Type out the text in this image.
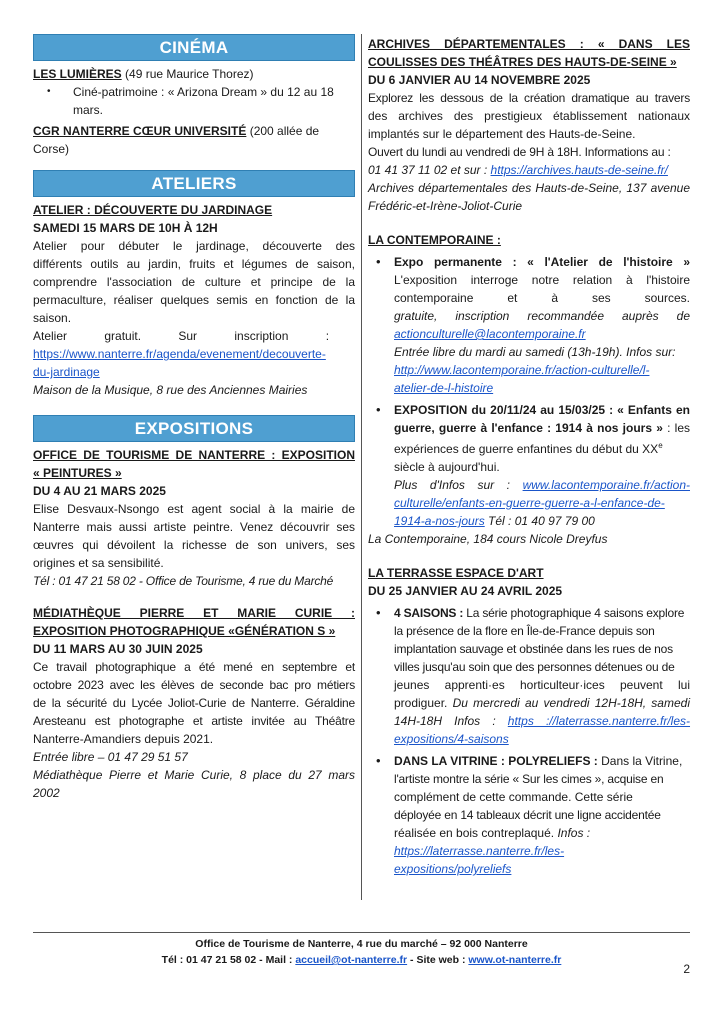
CINÉMA

LES LUMIÈRES (49 rue Maurice Thorez)

• Ciné-patrimoine : « Arizona Dream » du 12 au 18
mars.

CGR NANTERRE CŒUR UNIVERSITÉ (200 allée de Corse)

ATELIERS

ATELIER : DÉCOUVERTE DU JARDINAGE

SAMEDI 15 MARS DE 10H À 12H

Atelier pour débuter le jardinage, découverte des
différents outils au jardin, fruits et légumes de saison,
comprendre l'association de culture et principe de la
permaculture, réaliser quelques semis en fonction de la
saison.
Atelier gratuit. Sur inscription :
https://www.nanterre.fr/agenda/evenement/decouverte-
du-jardinage

Maison de la Musique, 8 rue des Anciennes Mairies

EXPOSITIONS

OFFICE DE TOURISME DE NANTERRE : EXPOSITION
« PEINTURES »

DU 4 AU 21 MARS 2025

Elise Desvaux-Nsongo est agent social à la mairie de
Nanterre mais aussi artiste peintre. Venez découvrir ses
œuvres qui dévoilent la richesse de son univers, ses
origines et sa sensibilité.

Tél : 01 47 21 58 02 - Office de Tourisme, 4 rue du Marché

MÉDIATHÈQUE PIERRE ET MARIE CURIE :
EXPOSITION PHOTOGRAPHIQUE «GÉNÉRATION S »

DU 11 MARS AU 30 JUIN 2025

Ce travail photographique a été mené en septembre et
octobre 2023 avec les élèves de seconde bac pro métiers
de la sécurité du Lycée Joliot-Curie de Nanterre. Géraldine
Aresteanu est photographe et artiste invitée au Théâtre
Nanterre-Amandiers depuis 2021.

Entrée libre – 01 47 29 51 57

Médiathèque Pierre et Marie Curie, 8 place du 27 mars
2002

ARCHIVES DÉPARTEMENTALES : « DANS LES
COULISSES DES THÉÂTRES DES HAUTS-DE-SEINE »

DU 6 JANVIER AU 14 NOVEMBRE 2025

Explorez les dessous de la création dramatique au travers
des archives des prestigieux établissement nationaux
implantés sur le département des Hauts-de-Seine.
Ouvert du lundi au vendredi de 9H à 18H. Informations au :
01 41 37 11 02 et sur : https://archives.hauts-de-seine.fr/

Archives départementales des Hauts-de-Seine, 137 avenue
Frédéric-et-Irène-Joliot-Curie

LA CONTEMPORAINE :

• Expo permanente : « l'Atelier de l'histoire »
L'exposition interroge notre relation à l'histoire
contemporaine et à ses sources.
gratuite, inscription recommandée auprès de
actionculturelle@lacontemporaine.fr
Entrée libre du mardi au samedi (13h-19h). Infos sur:
http://www.lacontemporaine.fr/action-culturelle/l-
atelier-de-l-histoire
• EXPOSITION du 20/11/24 au 15/03/25 : « Enfants en
guerre, guerre à l'enfance : 1914 à nos jours » : les
expériences de guerre enfantines du début du XXe
siècle à aujourd'hui.
Plus d'Infos sur : www.lacontemporaine.fr/action-
culturelle/enfants-en-guerre-guerre-a-l-enfance-de-
1914-a-nos-jours Tél : 01 40 97 79 00

La Contemporaine, 184 cours Nicole Dreyfus

LA TERRASSE ESPACE D'ART

DU 25 JANVIER AU 24 AVRIL 2025

• 4 SAISONS : La série photographique 4 saisons explore
la présence de la flore en Île-de-France depuis son
implantation sauvage et obstinée dans les rues de nos
villes jusqu'au soin que des personnes détenues ou de
jeunes apprenti·es horticulteur·ices peuvent lui
prodiguer. Du mercredi au vendredi 12H-18H, samedi
14H-18H Infos : https ://laterrasse.nanterre.fr/les-
expositions/4-saisons
• DANS LA VITRINE : POLYRELIEFS : Dans la Vitrine,
l'artiste montre la série « Sur les cimes », acquise en
complément de cette commande. Cette série
déployée en 14 tableaux décrit une ligne accidentée
réalisée en bois contreplaqué. Infos :
https://laterrasse.nanterre.fr/les-
expositions/polyreliefs
Office de Tourisme de Nanterre, 4 rue du marché – 92 000 Nanterre
Tél : 01 47 21 58 02 - Mail : accueil@ot-nanterre.fr - Site web : www.ot-nanterre.fr
2
